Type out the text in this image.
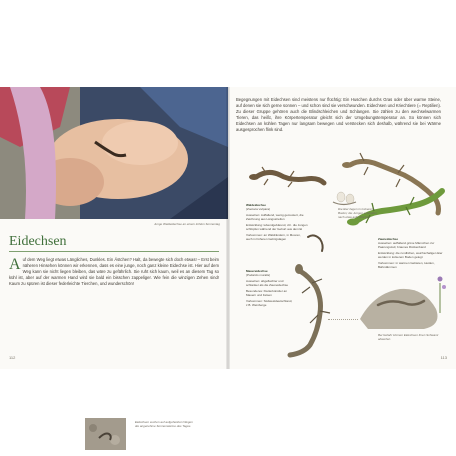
Junge Waldeidechse an einem kühlen Sonnentag
Eidechsen
Auf dem Weg liegt etwas Längliches, Dunkles. Ein Ästchen? Halt, da bewegte sich doch etwas! – Erst beim näheren Hinsehen können wir erkennen, dass es eine junge, noch ganz kleine Eidechse ist. Hier auf dem Weg kann sie nicht liegen bleiben, das wäre zu gefährlich. Sie ruht sich kaum, weil es an diesem Tag so kühl ist, aber auf der warmen Hand wird sie bald ein bisschen zappeliger. Wie fein die winzigen Zehen sind! Kaum zu spüren ist dieser federleichte Tierchen, und wunderschön!
Eidechsen suchen auf aufgeheizten Wegen die angenehme Sonnenwärme des Tages.
112
Begegnungen mit Eidechsen sind meistens nur flüchtig: Ein Huschen durchs Gras oder über warme Steine, auf denen sie sich gerne sonnen – und schon sind sie verschwunden. Eidechsen und Kriechtiere (= Reptilien). Zu dieser Gruppe gehören auch die Blindschleichen und Schlangen. Sie zählen zu den wechselwarmen Tieren, das heißt, ihre Körpertemperatur gleicht sich der Umgebungstemperatur an. So können sich Eidechsen an kühlen Tagen nur langsam bewegen und verstecken sich deshalb, während sie bei Wärme ausgesprochen flink sind.
Waldeidechse

(Zootoca vivipara)

Aussehen: Auffallend, wenig gemustert, die Zeichnung aus Längsstreifen

Entwicklung: lebendgebärend, d.h. die Jungen schlüpfen während der Geburt aus dem Ei

Vorkommen: an Waldrändern, in Mooren, auch in höheren Gebirgslagen

Die Eier liegen in lockerem Boden; die Jungen schlüpfen nach etwa acht Wochen.
Zauneidechse

Aussehen: auffallend grüne Männchen zur Paarungszeit; braunes Rückenband

Entwicklung: die rundlichen, weichschaligen Eier werden in lockerem Boden gelegt

Vorkommen: in warmen Gebieten, Heiden, Bahndämmen

Mauereidechse

(Podarcis muralis)

Aussehen: abgeflachter und schlanker als die Zauneidechse

Besonderes: Kletterkünstler an Mauern und Felsen

Vorkommen: Südwestdeutschland, z.B. Weinberge

Bei Gefahr können Eidechsen ihren Schwanz abwerfen.
113
